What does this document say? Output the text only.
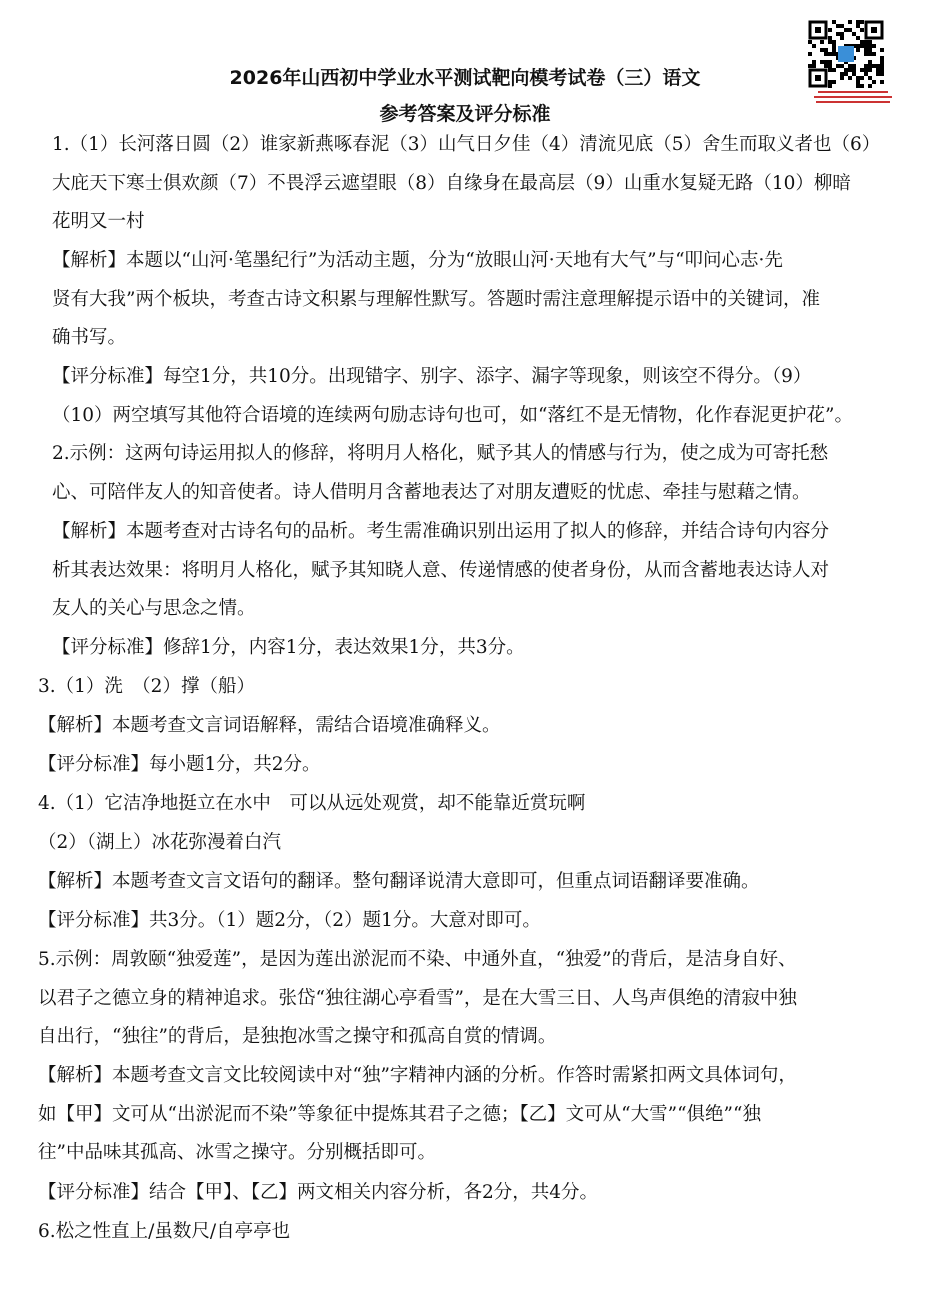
2026年山西初中学业水平测试靶向模考试卷（三）语文
参考答案及评分标准
1.（1）长河落日圆（2）谁家新燕啄春泥（3）山气日夕佳（4）清流见底（5）舍生而取义者也（6）
大庇天下寒士俱欢颜（7）不畏浮云遮望眼（8）自缘身在最高层（9）山重水复疑无路（10）柳暗
花明又一村
【解析】本题以“山河·笔墨纪行”为活动主题，分为“放眼山河·天地有大气”与“叩问心志·先
贤有大我”两个板块，考查古诗文积累与理解性默写。答题时需注意理解提示语中的关键词，准
确书写。
【评分标准】每空1分，共10分。出现错字、别字、添字、漏字等现象，则该空不得分。（9）
（10）两空填写其他符合语境的连续两句励志诗句也可，如“落红不是无情物，化作春泥更护花”。
2.示例：这两句诗运用拟人的修辞，将明月人格化，赋予其人的情感与行为，使之成为可寄托愁
心、可陪伴友人的知音使者。诗人借明月含蓄地表达了对朋友遭贬的忧虑、牵挂与慰藉之情。
【解析】本题考查对古诗名句的品析。考生需准确识别出运用了拟人的修辞，并结合诗句内容分
析其表达效果：将明月人格化，赋予其知晓人意、传递情感的使者身份，从而含蓄地表达诗人对
友人的关心与思念之情。
【评分标准】修辞1分，内容1分，表达效果1分，共3分。
3.（1）洗　（2）撑（船）
【解析】本题考查文言词语解释，需结合语境准确释义。
【评分标准】每小题1分，共2分。
4.（1）它洁净地挺立在水中　可以从远处观赏，却不能靠近赏玩啊
（2）（湖上）冰花弥漫着白汽
【解析】本题考查文言文语句的翻译。整句翻译说清大意即可，但重点词语翻译要准确。
【评分标准】共3分。（1）题2分，（2）题1分。大意对即可。
5.示例：周敦颐“独爱莲”，是因为莲出淤泥而不染、中通外直，“独爱”的背后，是洁身自好、
以君子之德立身的精神追求。张岱“独往湖心亭看雪”，是在大雪三日、人鸟声俱绝的清寂中独
自出行，“独往”的背后，是独抱冰雪之操守和孤高自赏的情调。
【解析】本题考查文言文比较阅读中对“独”字精神内涵的分析。作答时需紧扣两文具体词句，
如【甲】文可从“出淤泥而不染”等象征中提炼其君子之德；【乙】文可从“大雪”“俱绝”“独
往”中品味其孤高、冰雪之操守。分别概括即可。
【评分标准】结合【甲】、【乙】两文相关内容分析，各2分，共4分。
6.松之性直上/虽数尺/自亭亭也
